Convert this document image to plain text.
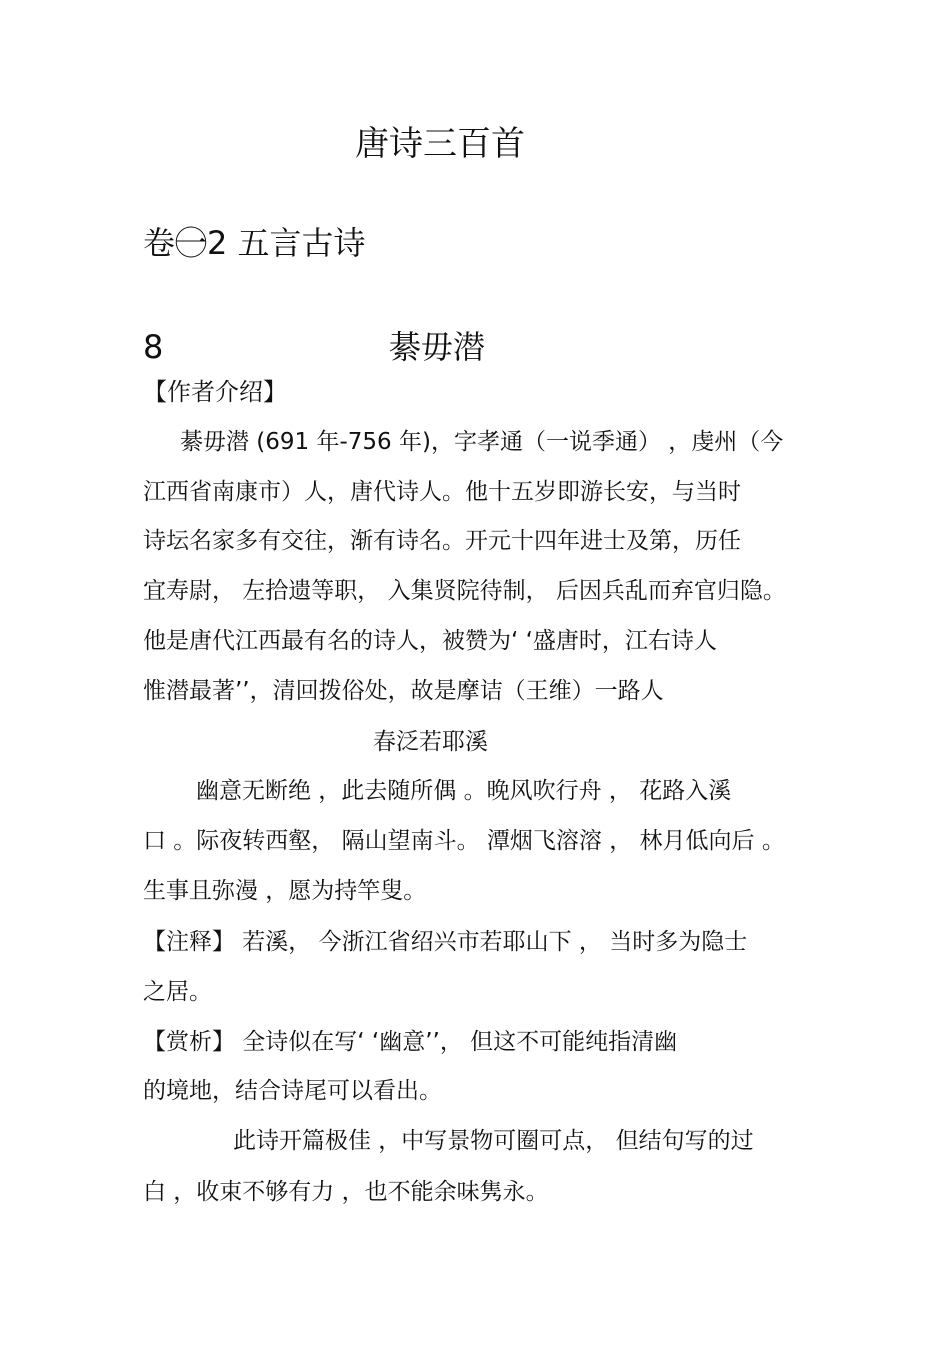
唐诗三百首
卷一⃝2 五言古诗
8	綦毋潜
【作者介绍】
綦毋潜 (691 年-756 年)，字孝通（一说季通） ，虔州（今
江西省南康市）人，唐代诗人。他十五岁即游长安，与当时
诗坛名家多有交往，渐有诗名。开元十四年进士及第，历任
宜寿尉， 左拾遗等职， 入集贤院待制， 后因兵乱而弃官归隐。
他是唐代江西最有名的诗人，被赞为‘ ‘盛唐时，江右诗人
惟潜最著’’，清回拨俗处，故是摩诘（王维）一路人
春泛若耶溪
幽意无断绝 ，此去随所偶 。晚风吹行舟 ， 花路入溪
口 。际夜转西壑， 隔山望南斗。 潭烟飞溶溶 ， 林月低向后 。
生事且弥漫 ，愿为持竿叟。
【注释】 若溪， 今浙江省绍兴市若耶山下 ， 当时多为隐士
之居。
【赏析】 全诗似在写‘ ‘幽意’’， 但这不可能纯指清幽
的境地，结合诗尾可以看出。
此诗开篇极佳 ，中写景物可圈可点， 但结句写的过
白 ，收束不够有力 ，也不能余味隽永。
